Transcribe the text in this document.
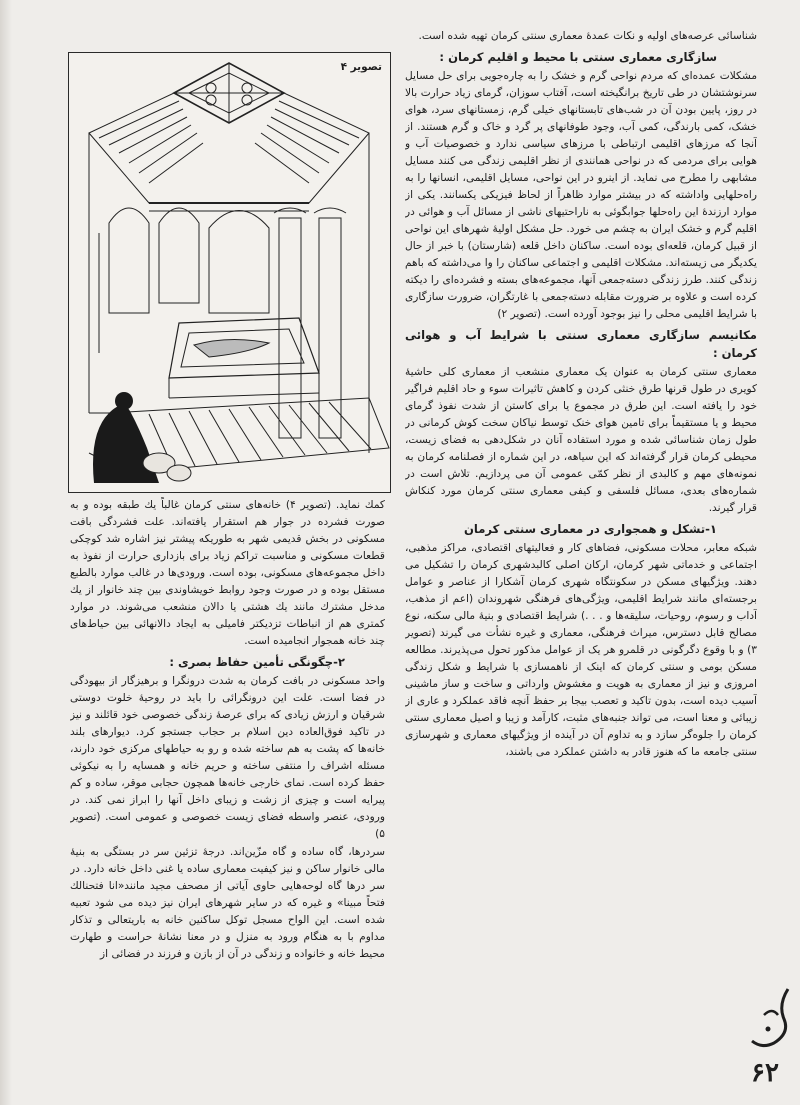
تصویر ۴

شناسائی عرصه‌های اولیه و نکات عمدهٔ معماری سنتی کرمان تهیه شده است.

سازگاری معماری سنتی با محیط و اقلیم کرمان :

مشکلات عمده‌ای که مردم نواحی گرم و خشک را به چاره‌جویی برای حل مسایل سرنوشتشان در طی تاریخ برانگیخته است، آفتاب سوزان، گرمای زیاد حرارت بالا در روز، پایین بودن آن در شب‌های تابستانهای خیلی گرم، زمستانهای سرد، هوای خشک، کمی بارندگی، کمی آب، وجود طوفانهای پر گرد و خاک و گرم هستند. از آنجا که مرزهای اقلیمی ارتباطی با مرزهای سیاسی ندارد و خصوصیات آب و هوایی برای مردمی که در نواحی همانندی از نظر اقلیمی زندگی می کنند مسایل مشابهی را مطرح می نماید. از اینرو در این نواحی، مسایل اقلیمی، انسانها را به راه‌حلهایی واداشته که در بیشتر موارد ظاهراً از لحاظ فیزیکی یکسانند. یکی از موارد ارزندهٔ این راه‌حلها جوابگوئی به ناراحتیهای ناشی از مسائل آب و هوائی در اقلیم گرم و خشک ایران به چشم می خورد. حل مشکل اولیهٔ شهرهای این نواحی از قبیل کرمان، قلعه‌ای بوده است. ساکنان داخل قلعه (شارستان) با خبر از حال یکدیگر می زیسته‌اند. مشکلات اقلیمی و اجتماعی ساکنان را وا می‌داشته که باهم زندگی کنند. طرز زندگی دسته‌جمعی آنها، مجموعه‌های بسته و فشرده‌ای را دیکته کرده است و علاوه بر ضرورت مقابله دسته‌جمعی با غارتگران، ضرورت سازگاری با شرایط اقلیمی محلی را نیز بوجود آورده است. (تصویر ۲)

مکانیسم سازگاری معماری سنتی با شرایط آب و هوائی کرمان :

معماری سنتی کرمان به عنوان یک معماری منشعب از معماری کلی حاشیهٔ کویری در طول قرنها طرق خنثی کردن و کاهش تاثیرات سوء و حاد اقلیم فراگیر خود را یافته است. این طرق در مجموع یا برای کاستن از شدت نفوذ گرمای محیط و یا مستقیماً برای تامین هوای خنک توسط نیاکان سخت کوش کرمانی در طول زمان شناسائی شده و مورد استفاده آنان در شکل‌دهی به فضای زیست، محیطی کرمان قرار گرفته‌اند که این سیاهه، در این شماره از فصلنامه کرمان به نمونه‌های مهم و کالبدی از نظر کمّی عمومی آن می پردازیم. تلاش است در شماره‌های بعدی، مسائل فلسفی و کیفی معماری سنتی کرمان مورد کنکاش قرار گیرند.

۱-تشکل و همجواری در معماری سنتی کرمان

شبکه معابر، محلات مسکونی، فضاهای کار و فعالیتهای اقتصادی، مراکز مذهبی، اجتماعی و خدماتی شهر کرمان، ارکان اصلی کالبدشهری کرمان را تشکیل می دهند. ویژگیهای مسکن در سکونتگاه شهری کرمان آشکارا از عناصر و عوامل برجسته‌ای مانند شرایط اقلیمی، ویژگی‌های فرهنگی شهروندان (اعم از مذهب، آداب و رسوم، روحیات، سلیقه‌ها و . . .) شرایط اقتصادی و بنیهٔ مالی سکنه، نوع مصالح قابل دسترس، میراث فرهنگی، معماری و غیره نشأت می گیرند (تصویر ۳) و با وقوع دگرگونی در قلمرو هر یک از عوامل مذکور تحول می‌پذیرند. مطالعه مسکن بومی و سنتی کرمان که اینک از ناهمسازی با شرایط و شکل زندگی امروزی و نیز از معماری به هویت و مغشوش وارداتی و ساخت و ساز ماشینی آسیب دیده است، بدون تاکید و تعصب بیجا بر حفظ آنچه فاقد عملکرد و عاری از زیبائی و معنا است، می تواند جنبه‌های مثبت، کارآمد و زیبا و اصیل معماری سنتی کرمان را جلوه‌گر سازد و به تداوم آن در آینده از ویژگیهای معماری و شهرسازی سنتی جامعه ما که هنوز قادر به داشتن عملکرد می باشند،

کمك نماید. (تصویر ۴) خانه‌های سنتی کرمان غالباً یك طبقه بوده و به صورت فشرده در جوار هم استقرار یافته‌اند. علت فشردگی بافت مسکونی در بخش قدیمی شهر به طوریکه پیشتر نیز اشاره شد کوچکی قطعات مسکونی و مناسبت تراکم زیاد برای بازداری حرارت از نفوذ به داخل مجموعه‌های مسکونی، بوده است. ورودی‌ها در غالب موارد بالطبع مستقل بوده و در صورت وجود روابط خویشاوندی بین چند خانوار از یك مدخل مشترك مانند یك هشتی یا دالان منشعب می‌شوند. در موارد کمتری هم از انباطات تزدیکتر فامیلی به ایجاد دالانهائی بین حیاط‌های چند خانه همجوار انجامیده است.

۲-چگونگی تأمین حفاظ بصری :

واحد مسکونی در بافت کرمان به شدت درونگرا و برهیزگار از بیهودگی در فضا است. علت این درونگرائی را باید در روحیهٔ خلوت دوستی شرقیان و ارزش زیادی که برای عرصهٔ زندگی خصوصی خود قائلند و نیز در تاکید فوق‌العاده دین اسلام بر حجاب جستجو کرد. دیوارهای بلند خانه‌ها که پشت به هم ساخته شده و رو به حیاطهای مرکزی خود دارند، مسئله اشراف را منتفی ساخته و حریم خانه و همسایه را به نیکوئی حفظ کرده است. نمای خارجی خانه‌ها همچون حجابی موقر، ساده و کم پیرایه است و چیزی از زشت و زیبای داخل آنها را ابراز نمی کند. در ورودی، عنصر واسطه فضای زیست خصوصی و عمومی است. (تصویر ۵)

سردرها، گاه ساده و گاه مزّین‌اند. درجهٔ تزئین سر در بستگی به بنیهٔ مالی خانوار ساکن و نیز کیفیت معماری ساده یا غنی داخل خانه دارد. در سر درها گاه لوحه‌هایی حاوی آیاتی از مصحف مجید مانند«انا فتحنالك فتحاً مبینا» و غیره که در سایر شهرهای ایران نیز دیده می شود تعبیه شده است. این الواح مسجل توکل ساکنین خانه به باریتعالی و تذکار مداوم با به هنگام ورود به منزل و در معنا نشانهٔ حراست و طهارت محیط خانه و خانواده و زندگی در آن از بازن و فرزند در فضائی از

۶۲
